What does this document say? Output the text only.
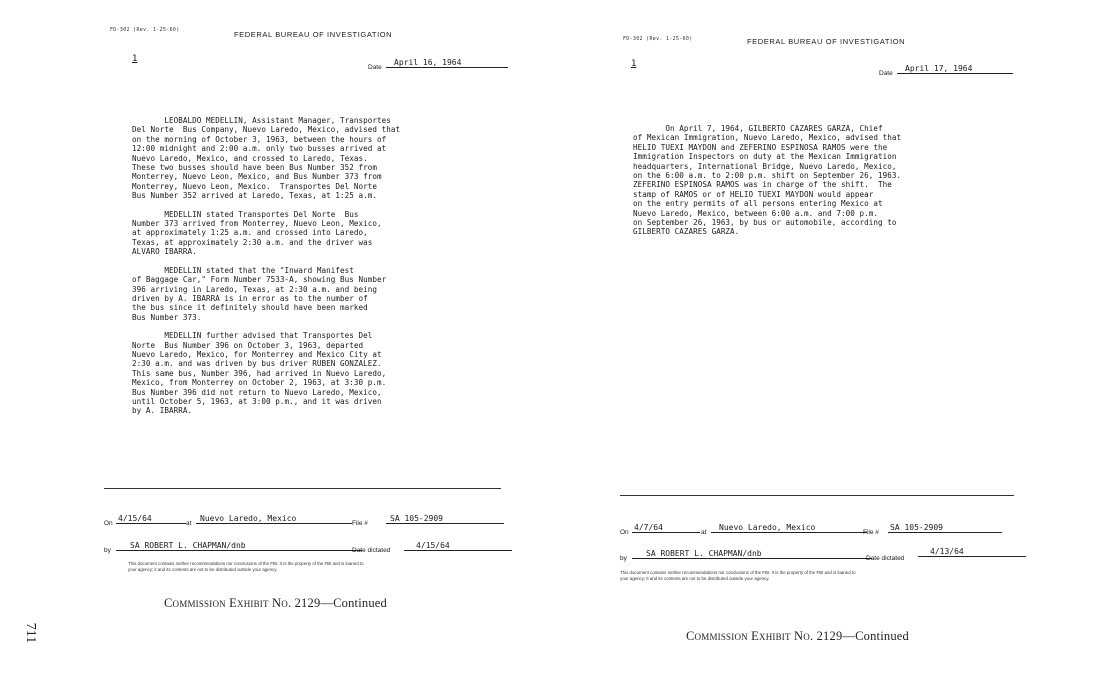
FD-302 (Rev. 1-25-60)	FEDERAL BUREAU OF INVESTIGATION
1
Date
April 16, 1964
LEOBALDO MEDELLIN, Assistant Manager, Transportes
Del Norte  Bus Company, Nuevo Laredo, Mexico, advised that
on the morning of October 3, 1963, between the hours of
12:00 midnight and 2:00 a.m. only two busses arrived at
Nuevo Laredo, Mexico, and crossed to Laredo, Texas.
These two busses should have been Bus Number 352 from
Monterrey, Nuevo Leon, Mexico, and Bus Number 373 from
Monterrey, Nuevo Leon, Mexico.  Transportes Del Norte
Bus Number 352 arrived at Laredo, Texas, at 1:25 a.m.
MEDELLIN stated Transportes Del Norte  Bus
Number 373 arrived from Monterrey, Nuevo Leon, Mexico,
at approximately 1:25 a.m. and crossed into Laredo,
Texas, at approximately 2:30 a.m. and the driver was
ALVARO IBARRA.
MEDELLIN stated that the "Inward Manifest
of Baggage Car," Form Number 7533-A, showing Bus Number
396 arriving in Laredo, Texas, at 2:30 a.m. and being
driven by A. IBARRA is in error as to the number of
the bus since it definitely should have been marked
Bus Number 373.
MEDELLIN further advised that Transportes Del
Norte  Bus Number 396 on October 3, 1963, departed
Nuevo Laredo, Mexico, for Monterrey and Mexico City at
2:30 a.m. and was driven by bus driver RUBEN GONZALEZ.
This same bus, Number 396, had arrived in Nuevo Laredo,
Mexico, from Monterrey on October 2, 1963, at 3:30 p.m.
Bus Number 396 did not return to Nuevo Laredo, Mexico,
until October 5, 1963, at 3:00 p.m., and it was driven
by A. IBARRA.
On
4/15/64
at
Nuevo Laredo, Mexico
File #
SA 105-2909
by
SA ROBERT L. CHAPMAN/dnb
Date dictated
4/15/64
This document contains neither recommendations nor conclusions of the FBI. It is the property of the FBI and is loaned to
your agency; it and its contents are not to be distributed outside your agency.
Commission Exhibit No. 2129—Continued
FD-302 (Rev. 1-25-60)	FEDERAL BUREAU OF INVESTIGATION
1
Date
April 17, 1964
On April 7, 1964, GILBERTO CAZARES GARZA, Chief
of Mexican Immigration, Nuevo Laredo, Mexico, advised that
HELIO TUEXI MAYDON and ZEFERINO ESPINOSA RAMOS were the
Immigration Inspectors on duty at the Mexican Immigration
headquarters, International Bridge, Nuevo Laredo, Mexico,
on the 6:00 a.m. to 2:00 p.m. shift on September 26, 1963.
ZEFERINO ESPINOSA RAMOS was in charge of the shift.  The
stamp of RAMOS or of HELIO TUEXI MAYDON would appear
on the entry permits of all persons entering Mexico at
Nuevo Laredo, Mexico, between 6:00 a.m. and 7:00 p.m.
on September 26, 1963, by bus or automobile, according to
GILBERTO CAZARES GARZA.
On
4/7/64
at
Nuevo Laredo, Mexico
File #
SA 105-2909
by
SA ROBERT L. CHAPMAN/dnb
Date dictated
4/13/64
This document contains neither recommendations nor conclusions of the FBI. It is the property of the FBI and is loaned to
your agency; it and its contents are not to be distributed outside your agency.
Commission Exhibit No. 2129—Continued
711
